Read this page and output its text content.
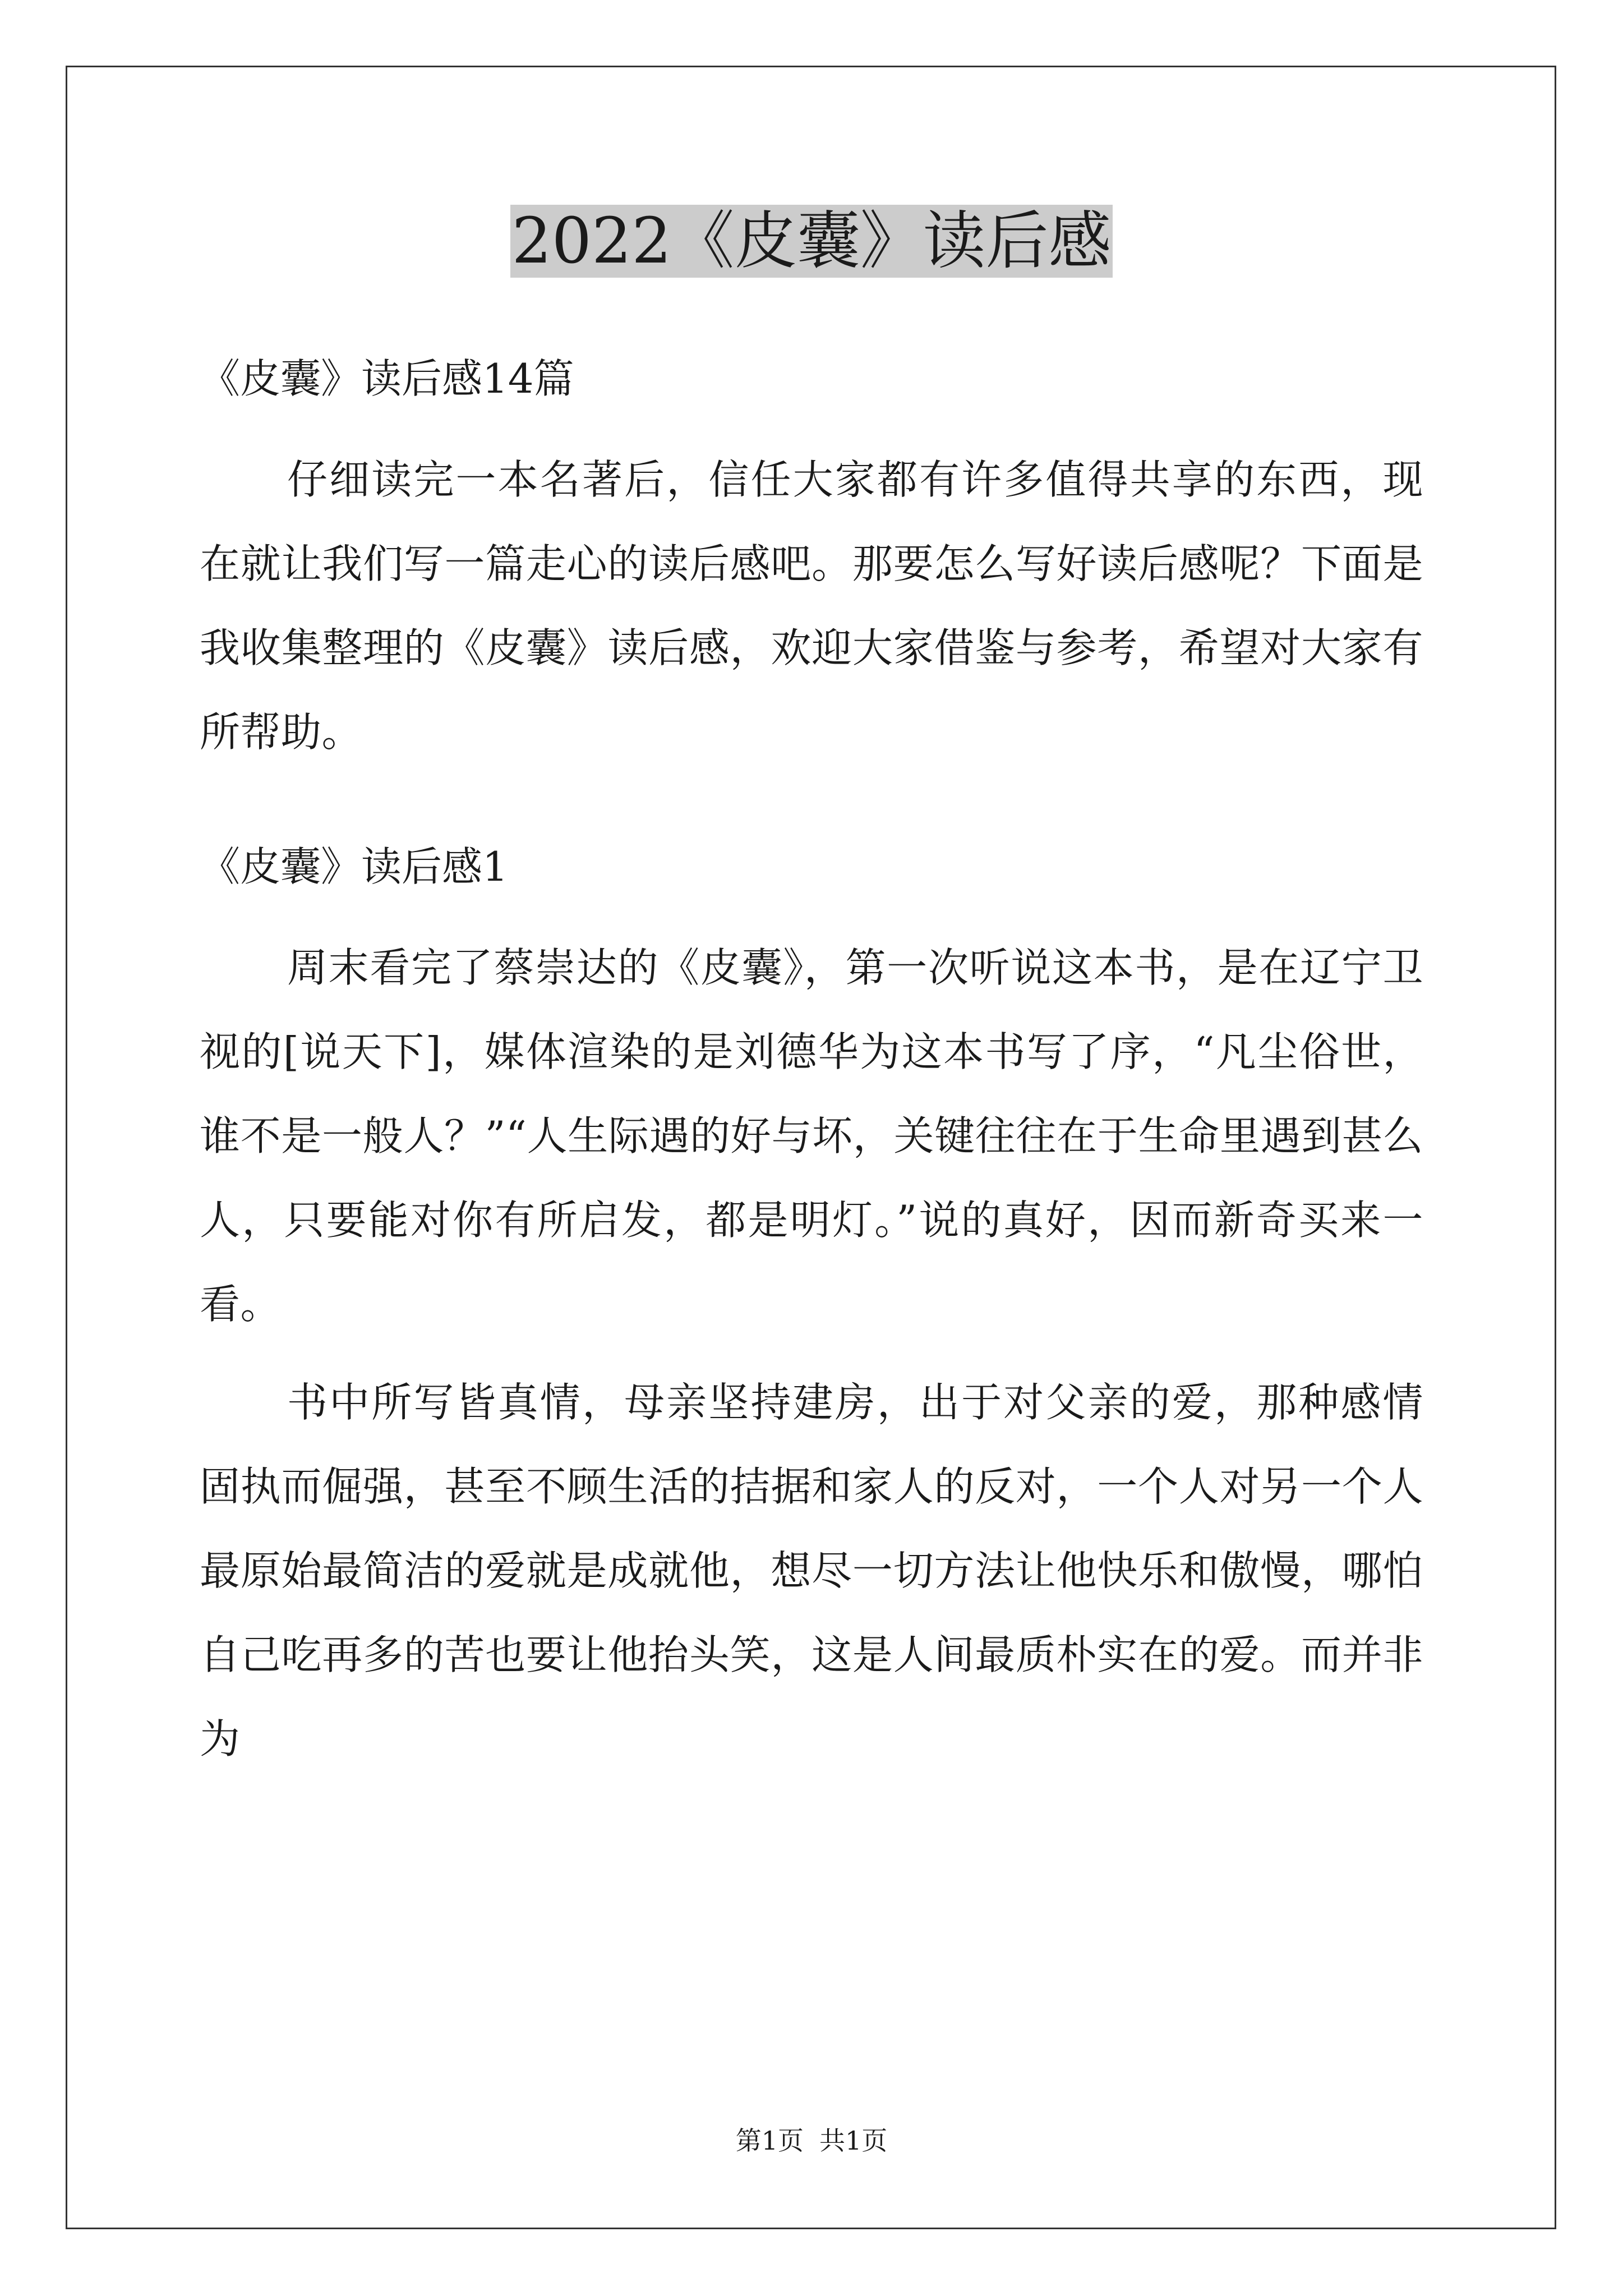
2022《皮囊》读后感

《皮囊》读后感14篇

仔细读完一本名著后，信任大家都有许多值得共享的东西，现在就让我们写一篇走心的读后感吧。那要怎么写好读后感呢？下面是我收集整理的《皮囊》读后感，欢迎大家借鉴与参考，希望对大家有所帮助。

《皮囊》读后感1

周末看完了蔡崇达的《皮囊》，第一次听说这本书，是在辽宁卫视的[说天下]，媒体渲染的是刘德华为这本书写了序，“凡尘俗世，谁不是一般人？”“人生际遇的好与坏，关键往往在于生命里遇到甚么人，只要能对你有所启发，都是明灯。”说的真好，因而新奇买来一看。

书中所写皆真情，母亲坚持建房，出于对父亲的爱，那种感情固执而倔强，甚至不顾生活的拮据和家人的反对，一个人对另一个人最原始最简洁的爱就是成就他，想尽一切方法让他快乐和傲慢，哪怕自己吃再多的苦也要让他抬头笑，这是人间最质朴实在的爱。而并非为

第1页 共1页
